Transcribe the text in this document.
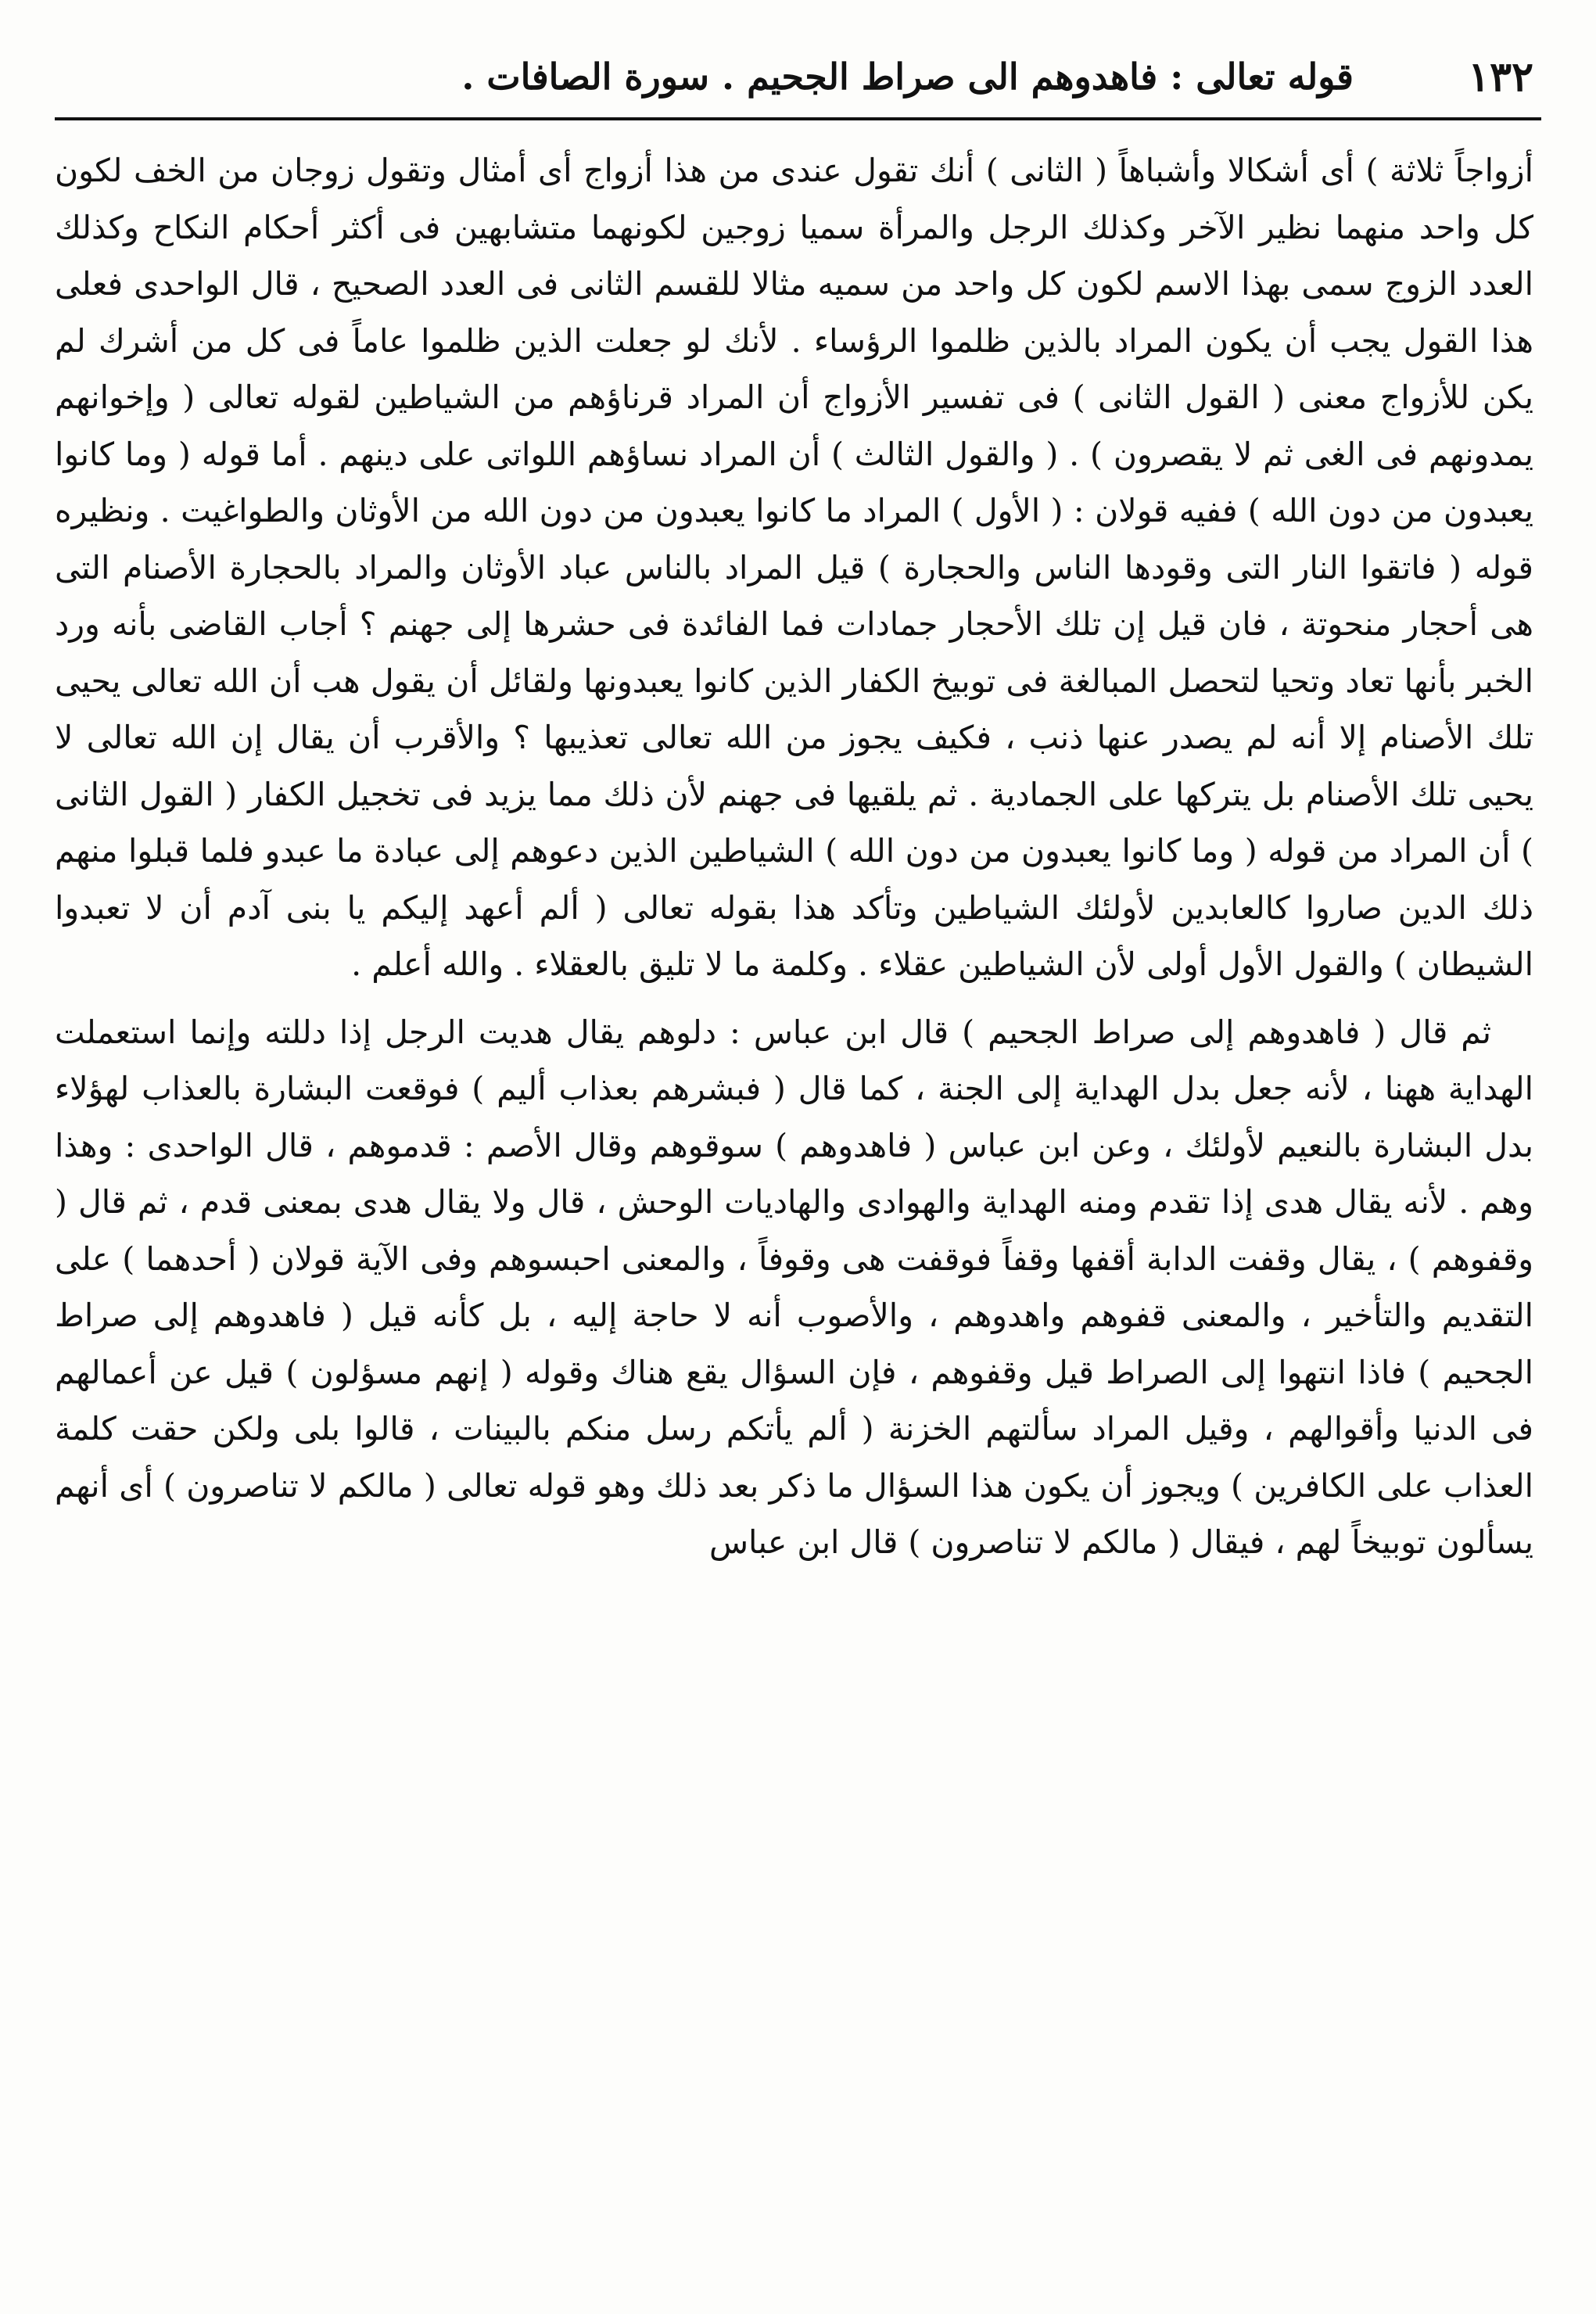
١٣٢
قوله تعالى : فاهدوهم الى صراط الجحيم . سورة الصافات .

أزواجاً ثلاثة ) أى أشكالا وأشباهاً ( الثانى ) أنك تقول عندى من هذا أزواج أى أمثال وتقول زوجان من الخف لكون كل واحد منهما نظير الآخر وكذلك الرجل والمرأة سميا زوجين لكونهما متشابهين فى أكثر أحكام النكاح وكذلك العدد الزوج سمى بهذا الاسم لكون كل واحد من سميه مثالا للقسم الثانى فى العدد الصحيح ، قال الواحدى فعلى هذا القول يجب أن يكون المراد بالذين ظلموا الرؤساء . لأنك لو جعلت الذين ظلموا عاماً فى كل من أشرك لم يكن للأزواج معنى ( القول الثانى ) فى تفسير الأزواج أن المراد قرناؤهم من الشياطين لقوله تعالى ( وإخوانهم يمدونهم فى الغى ثم لا يقصرون ) . ( والقول الثالث ) أن المراد نساؤهم اللواتى على دينهم . أما قوله ( وما كانوا يعبدون من دون الله ) ففيه قولان : ( الأول ) المراد ما كانوا يعبدون من دون الله من الأوثان والطواغيت . ونظيره قوله ( فاتقوا النار التى وقودها الناس والحجارة ) قيل المراد بالناس عباد الأوثان والمراد بالحجارة الأصنام التى هى أحجار منحوتة ، فان قيل إن تلك الأحجار جمادات فما الفائدة فى حشرها إلى جهنم ؟ أجاب القاضى بأنه ورد الخبر بأنها تعاد وتحيا لتحصل المبالغة فى توبيخ الكفار الذين كانوا يعبدونها ولقائل أن يقول هب أن الله تعالى يحيى تلك الأصنام إلا أنه لم يصدر عنها ذنب ، فكيف يجوز من الله تعالى تعذيبها ؟ والأقرب أن يقال إن الله تعالى لا يحيى تلك الأصنام بل يتركها على الجمادية . ثم يلقيها فى جهنم لأن ذلك مما يزيد فى تخجيل الكفار ( القول الثانى ) أن المراد من قوله ( وما كانوا يعبدون من دون الله ) الشياطين الذين دعوهم إلى عبادة ما عبدو فلما قبلوا منهم ذلك الدين صاروا كالعابدين لأولئك الشياطين وتأكد هذا بقوله تعالى ( ألم أعهد إليكم يا بنى آدم أن لا تعبدوا الشيطان ) والقول الأول أولى لأن الشياطين عقلاء . وكلمة ما لا تليق بالعقلاء . والله أعلم .

ثم قال ( فاهدوهم إلى صراط الجحيم ) قال ابن عباس : دلوهم يقال هديت الرجل إذا دللته وإنما استعملت الهداية ههنا ، لأنه جعل بدل الهداية إلى الجنة ، كما قال ( فبشرهم بعذاب أليم ) فوقعت البشارة بالعذاب لهؤلاء بدل البشارة بالنعيم لأولئك ، وعن ابن عباس ( فاهدوهم ) سوقوهم وقال الأصم : قدموهم ، قال الواحدى : وهذا وهم . لأنه يقال هدى إذا تقدم ومنه الهداية والهوادى والهاديات الوحش ، قال ولا يقال هدى بمعنى قدم ، ثم قال ( وقفوهم ) ، يقال وقفت الدابة أقفها وقفاً فوقفت هى وقوفاً ، والمعنى احبسوهم وفى الآية قولان ( أحدهما ) على التقديم والتأخير ، والمعنى قفوهم واهدوهم ، والأصوب أنه لا حاجة إليه ، بل كأنه قيل ( فاهدوهم إلى صراط الجحيم ) فاذا انتهوا إلى الصراط قيل وقفوهم ، فإن السؤال يقع هناك وقوله ( إنهم مسؤلون ) قيل عن أعمالهم فى الدنيا وأقوالهم ، وقيل المراد سألتهم الخزنة ( ألم يأتكم رسل منكم بالبينات ، قالوا بلى ولكن حقت كلمة العذاب على الكافرين ) ويجوز أن يكون هذا السؤال ما ذكر بعد ذلك وهو قوله تعالى ( مالكم لا تناصرون ) أى أنهم يسألون توبيخاً لهم ، فيقال ( مالكم لا تناصرون ) قال ابن عباس
